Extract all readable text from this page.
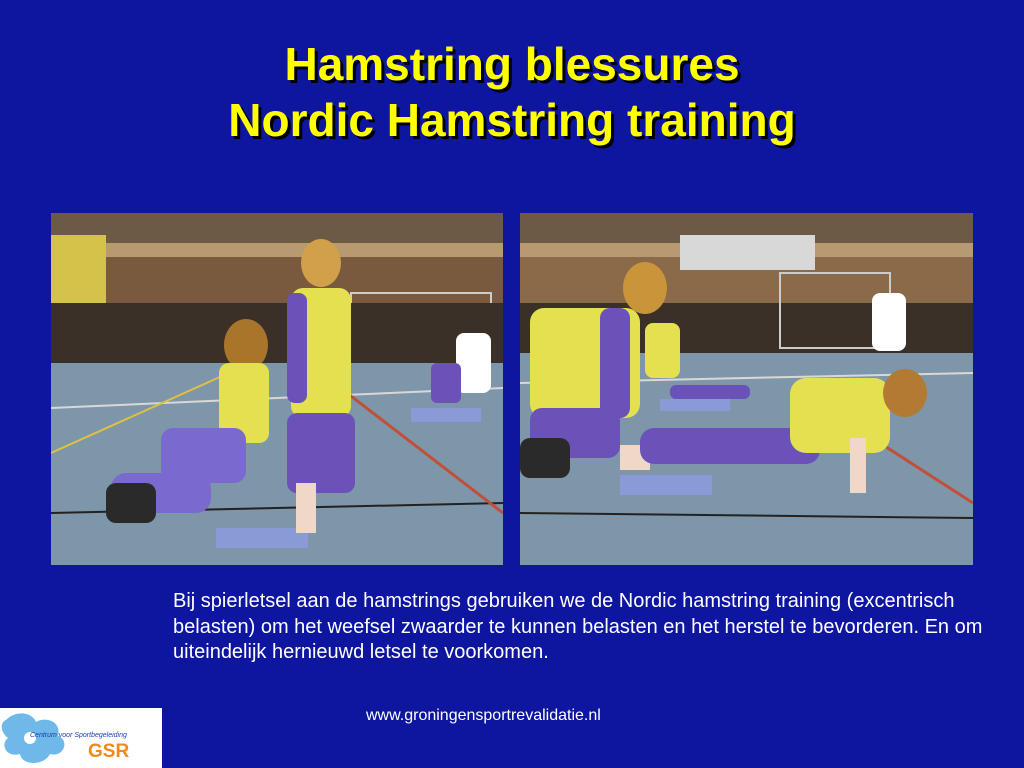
Hamstring blessures
Nordic Hamstring training

Bij spierletsel aan de hamstrings gebruiken we de Nordic hamstring training (excentrisch belasten) om het weefsel zwaarder te kunnen belasten en het herstel te bevorderen. En om uiteindelijk hernieuwd letsel te voorkomen.

www.groningensportrevalidatie.nl
Centrum voor Sportbegeleiding
GSR
